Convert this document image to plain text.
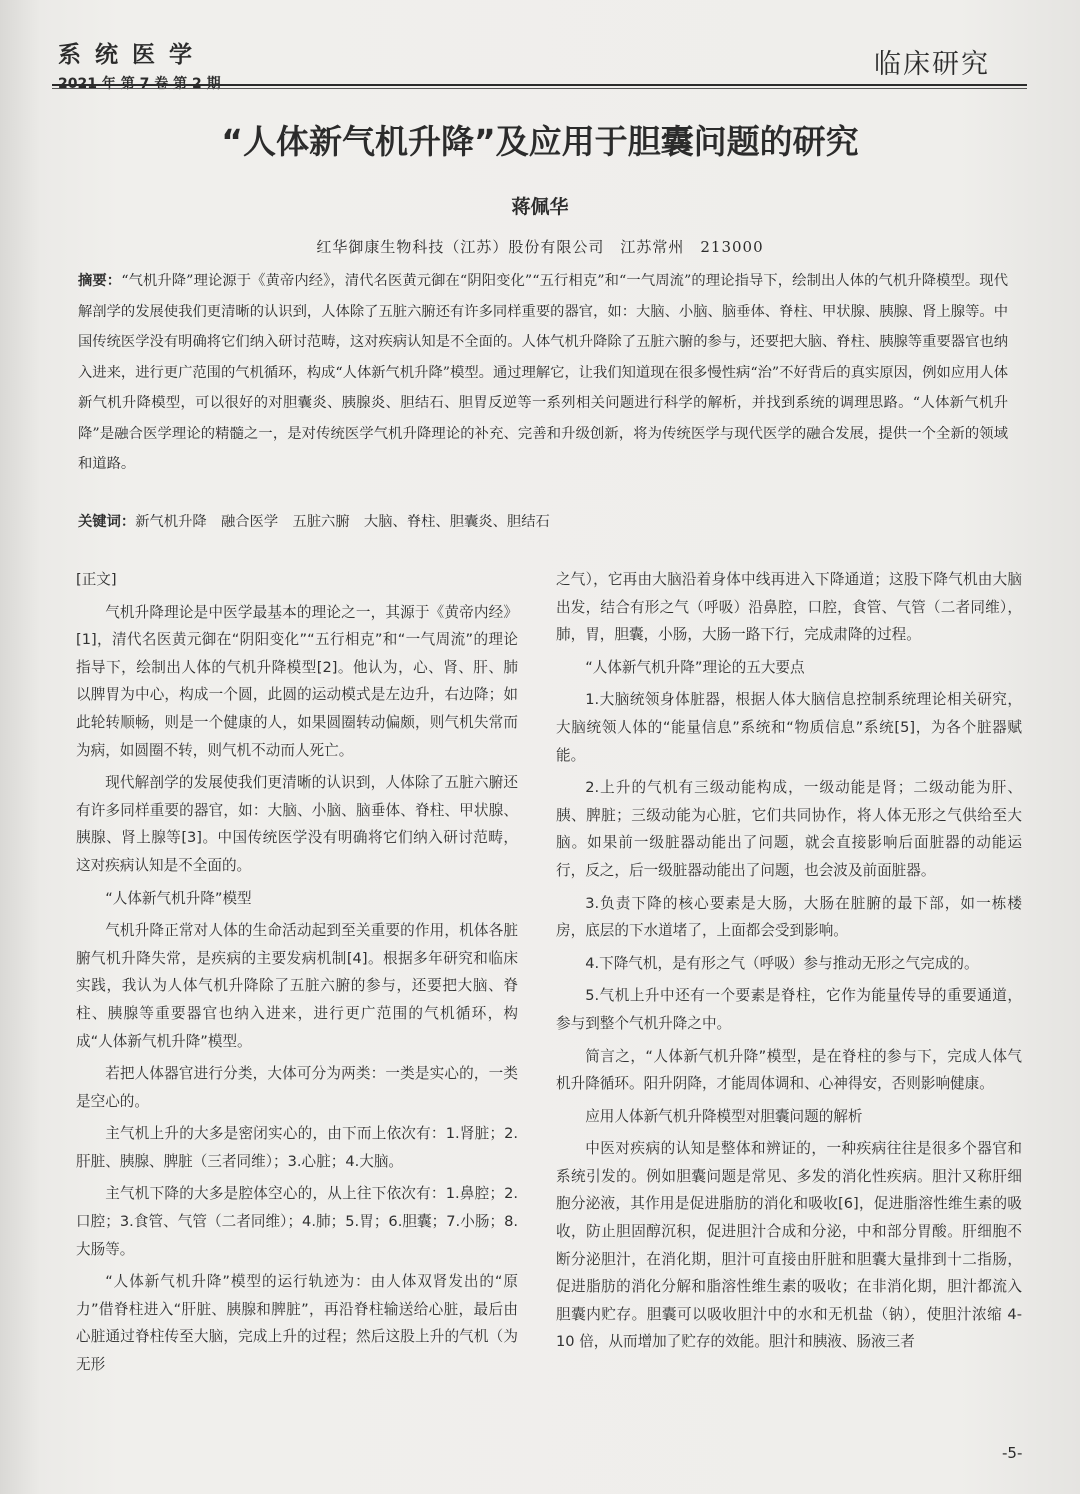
系统医学
2021 年 第 7 卷 第 2 期
临床研究
“人体新气机升降”及应用于胆囊问题的研究
蒋佩华
红华御康生物科技（江苏）股份有限公司　江苏常州　213000
摘要：“气机升降”理论源于《黄帝内经》，清代名医黄元御在“阴阳变化”“五行相克”和“一气周流”的理论指导下，绘制出人体的气机升降模型。现代解剖学的发展使我们更清晰的认识到，人体除了五脏六腑还有许多同样重要的器官，如：大脑、小脑、脑垂体、脊柱、甲状腺、胰腺、肾上腺等。中国传统医学没有明确将它们纳入研讨范畴，这对疾病认知是不全面的。人体气机升降除了五脏六腑的参与，还要把大脑、脊柱、胰腺等重要器官也纳入进来，进行更广范围的气机循环，构成“人体新气机升降”模型。通过理解它，让我们知道现在很多慢性病“治”不好背后的真实原因，例如应用人体新气机升降模型，可以很好的对胆囊炎、胰腺炎、胆结石、胆胃反逆等一系列相关问题进行科学的解析，并找到系统的调理思路。“人体新气机升降”是融合医学理论的精髓之一，是对传统医学气机升降理论的补充、完善和升级创新，将为传统医学与现代医学的融合发展，提供一个全新的领域和道路。
关键词：新气机升降　融合医学　五脏六腑　大脑、脊柱、胆囊炎、胆结石

[正文]

气机升降理论是中医学最基本的理论之一，其源于《黄帝内经》[1]，清代名医黄元御在“阴阳变化”“五行相克”和“一气周流”的理论指导下，绘制出人体的气机升降模型[2]。他认为，心、肾、肝、肺以脾胃为中心，构成一个圆，此圆的运动模式是左边升，右边降；如此轮转顺畅，则是一个健康的人，如果圆圈转动偏颇，则气机失常而为病，如圆圈不转，则气机不动而人死亡。

现代解剖学的发展使我们更清晰的认识到，人体除了五脏六腑还有许多同样重要的器官，如：大脑、小脑、脑垂体、脊柱、甲状腺、胰腺、肾上腺等[3]。中国传统医学没有明确将它们纳入研讨范畴，这对疾病认知是不全面的。

“人体新气机升降”模型

气机升降正常对人体的生命活动起到至关重要的作用，机体各脏腑气机升降失常，是疾病的主要发病机制[4]。根据多年研究和临床实践，我认为人体气机升降除了五脏六腑的参与，还要把大脑、脊柱、胰腺等重要器官也纳入进来，进行更广范围的气机循环，构成“人体新气机升降”模型。

若把人体器官进行分类，大体可分为两类：一类是实心的，一类是空心的。

主气机上升的大多是密闭实心的，由下而上依次有：1.肾脏；2.肝脏、胰腺、脾脏（三者同维）；3.心脏；4.大脑。

主气机下降的大多是腔体空心的，从上往下依次有：1.鼻腔；2.口腔；3.食管、气管（二者同维）；4.肺；5.胃；6.胆囊；7.小肠；8.大肠等。

“人体新气机升降”模型的运行轨迹为：由人体双肾发出的“原力”借脊柱进入“肝脏、胰腺和脾脏”，再沿脊柱输送给心脏，最后由心脏通过脊柱传至大脑，完成上升的过程；然后这股上升的气机（为无形

之气），它再由大脑沿着身体中线再进入下降通道；这股下降气机由大脑出发，结合有形之气（呼吸）沿鼻腔，口腔，食管、气管（二者同维），肺，胃，胆囊，小肠，大肠一路下行，完成肃降的过程。

“人体新气机升降”理论的五大要点

1.大脑统领身体脏器，根据人体大脑信息控制系统理论相关研究，大脑统领人体的“能量信息”系统和“物质信息”系统[5]，为各个脏器赋能。

2.上升的气机有三级动能构成，一级动能是肾；二级动能为肝、胰、脾脏；三级动能为心脏，它们共同协作，将人体无形之气供给至大脑。如果前一级脏器动能出了问题，就会直接影响后面脏器的动能运行，反之，后一级脏器动能出了问题，也会波及前面脏器。

3.负责下降的核心要素是大肠，大肠在脏腑的最下部，如一栋楼房，底层的下水道堵了，上面都会受到影响。

4.下降气机，是有形之气（呼吸）参与推动无形之气完成的。

5.气机上升中还有一个要素是脊柱，它作为能量传导的重要通道，参与到整个气机升降之中。

简言之，“人体新气机升降”模型，是在脊柱的参与下，完成人体气机升降循环。阳升阴降，才能周体调和、心神得安，否则影响健康。

应用人体新气机升降模型对胆囊问题的解析

中医对疾病的认知是整体和辨证的，一种疾病往往是很多个器官和系统引发的。例如胆囊问题是常见、多发的消化性疾病。胆汁又称肝细胞分泌液，其作用是促进脂肪的消化和吸收[6]，促进脂溶性维生素的吸收，防止胆固醇沉积，促进胆汁合成和分泌，中和部分胃酸。肝细胞不断分泌胆汁，在消化期，胆汁可直接由肝脏和胆囊大量排到十二指肠，促进脂肪的消化分解和脂溶性维生素的吸收；在非消化期，胆汁都流入胆囊内贮存。胆囊可以吸收胆汁中的水和无机盐（钠），使胆汁浓缩 4-10 倍，从而增加了贮存的效能。胆汁和胰液、肠液三者

-5-
